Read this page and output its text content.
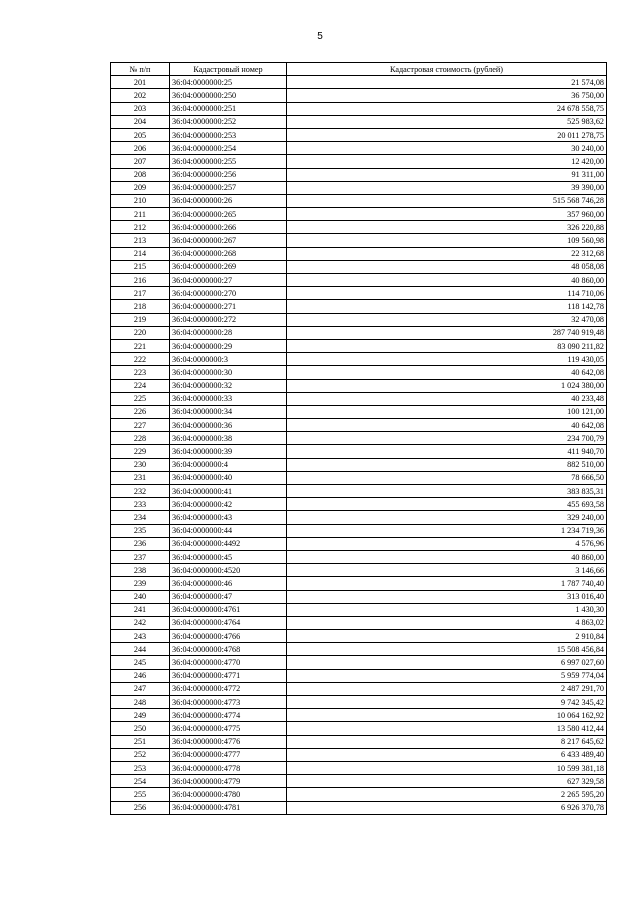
5
№ п/п	Кадастровый номер	Кадастровая стоимость (рублей)
201	36:04:0000000:25	21 574,08
202	36:04:0000000:250	36 750,00
203	36:04:0000000:251	24 678 558,75
204	36:04:0000000:252	525 983,62
205	36:04:0000000:253	20 011 278,75
206	36:04:0000000:254	30 240,00
207	36:04:0000000:255	12 420,00
208	36:04:0000000:256	91 311,00
209	36:04:0000000:257	39 390,00
210	36:04:0000000:26	515 568 746,28
211	36:04:0000000:265	357 960,00
212	36:04:0000000:266	326 220,88
213	36:04:0000000:267	109 560,98
214	36:04:0000000:268	22 312,68
215	36:04:0000000:269	48 058,08
216	36:04:0000000:27	40 860,00
217	36:04:0000000:270	114 710,06
218	36:04:0000000:271	118 142,78
219	36:04:0000000:272	32 470,08
220	36:04:0000000:28	287 740 919,48
221	36:04:0000000:29	83 090 211,82
222	36:04:0000000:3	119 430,05
223	36:04:0000000:30	40 642,08
224	36:04:0000000:32	1 024 380,00
225	36:04:0000000:33	40 233,48
226	36:04:0000000:34	100 121,00
227	36:04:0000000:36	40 642,08
228	36:04:0000000:38	234 700,79
229	36:04:0000000:39	411 940,70
230	36:04:0000000:4	882 510,00
231	36:04:0000000:40	78 666,50
232	36:04:0000000:41	383 835,31
233	36:04:0000000:42	455 693,58
234	36:04:0000000:43	329 240,00
235	36:04:0000000:44	1 234 719,36
236	36:04:0000000:4492	4 576,96
237	36:04:0000000:45	40 860,00
238	36:04:0000000:4520	3 146,66
239	36:04:0000000:46	1 787 740,40
240	36:04:0000000:47	313 016,40
241	36:04:0000000:4761	1 430,30
242	36:04:0000000:4764	4 863,02
243	36:04:0000000:4766	2 910,84
244	36:04:0000000:4768	15 508 456,84
245	36:04:0000000:4770	6 997 027,60
246	36:04:0000000:4771	5 959 774,04
247	36:04:0000000:4772	2 487 291,70
248	36:04:0000000:4773	9 742 345,42
249	36:04:0000000:4774	10 064 162,92
250	36:04:0000000:4775	13 580 412,44
251	36:04:0000000:4776	8 217 645,62
252	36:04:0000000:4777	6 433 489,40
253	36:04:0000000:4778	10 599 381,18
254	36:04:0000000:4779	627 329,58
255	36:04:0000000:4780	2 265 595,20
256	36:04:0000000:4781	6 926 370,78
